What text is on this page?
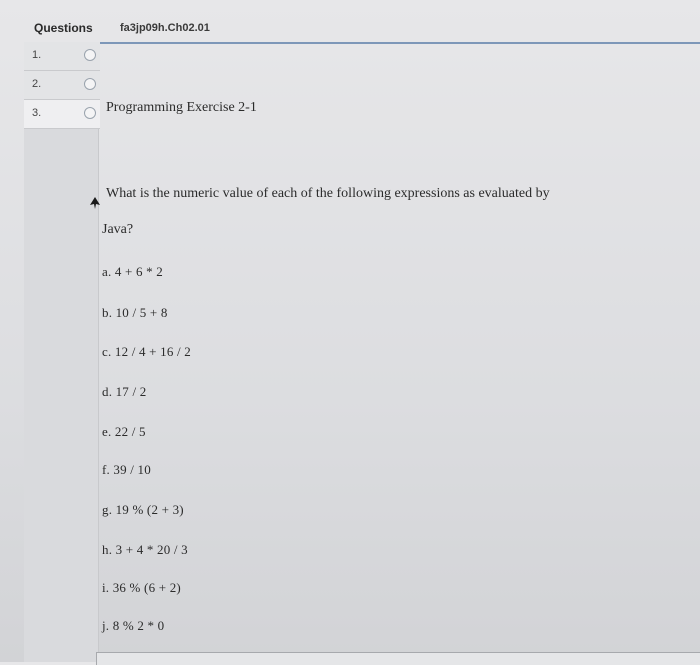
Questions	fa3jp09h.Ch02.01
1.
2.
3.	Programming Exercise 2-1
What is the numeric value of each of the following expressions as evaluated by
Java?
a. 4 + 6 * 2
b. 10 / 5 + 8
c. 12 / 4 + 16 / 2
d. 17 / 2
e. 22 / 5
f. 39 / 10
g. 19 % (2 + 3)
h. 3 + 4 * 20 / 3
i. 36 % (6 + 2)
j. 8 % 2 * 0
